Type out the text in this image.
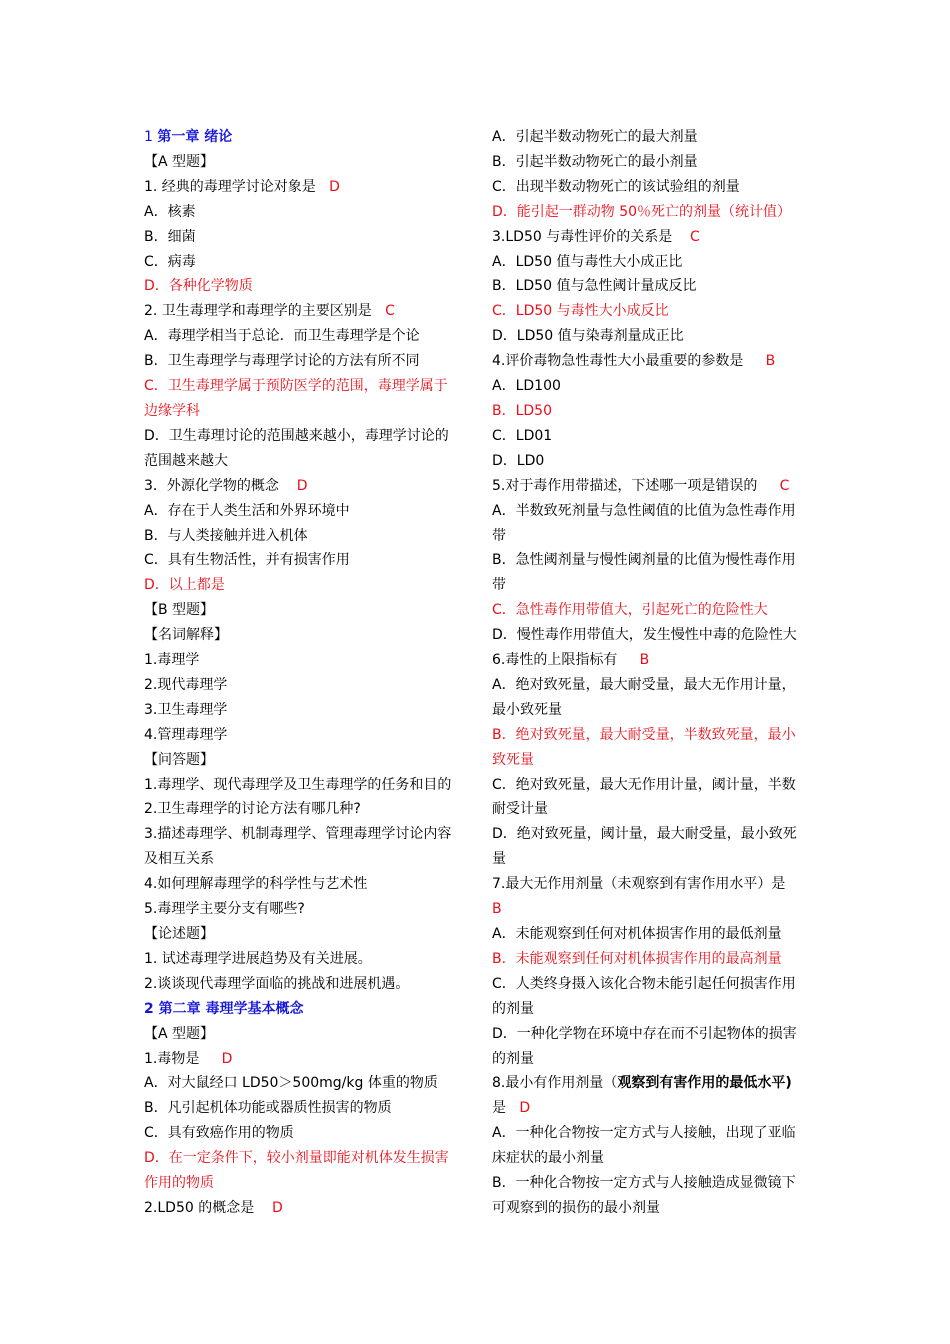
1 第一章 绪论
【A 型题】
1. 经典的毒理学讨论对象是   D
A．核素
B．细菌
C．病毒
D．各种化学物质
2. 卫生毒理学和毒理学的主要区别是   C
A．毒理学相当于总论．而卫生毒理学是个论
B．卫生毒理学与毒理学讨论的方法有所不同
C．卫生毒理学属于预防医学的范围，毒理学属于
边缘学科
D．卫生毒理讨论的范围越来越小，毒理学讨论的
范围越来越大
3．外源化学物的概念    D
A．存在于人类生活和外界环境中
B．与人类接触并进入机体
C．具有生物活性，并有损害作用
D．以上都是
【B 型题】
【名词解释】
1.毒理学
2.现代毒理学
3.卫生毒理学
4.管理毒理学
【问答题】
1.毒理学、现代毒理学及卫生毒理学的任务和目的
2.卫生毒理学的讨论方法有哪几种?
3.描述毒理学、机制毒理学、管理毒理学讨论内容
及相互关系
4.如何理解毒理学的科学性与艺术性
5.毒理学主要分支有哪些?
【论述题】
1. 试述毒理学进展趋势及有关进展。
2.谈谈现代毒理学面临的挑战和进展机遇。
2 第二章 毒理学基本概念
【A 型题】
1.毒物是     D
A．对大鼠经口 LD50＞500mg/kg 体重的物质
B．凡引起机体功能或器质性损害的物质
C．具有致癌作用的物质
D．在一定条件下，较小剂量即能对机体发生损害
作用的物质
2.LD50 的概念是    D
A．引起半数动物死亡的最大剂量
B．引起半数动物死亡的最小剂量
C．出现半数动物死亡的该试验组的剂量
D．能引起一群动物 50％死亡的剂量（统计值）
3.LD50 与毒性评价的关系是    C
A．LD50 值与毒性大小成正比
B．LD50 值与急性阈计量成反比
C．LD50 与毒性大小成反比
D．LD50 值与染毒剂量成正比
4.评价毒物急性毒性大小最重要的参数是     B
A．LD100
B．LD50
C．LD01
D．LD0
5.对于毒作用带描述，下述哪一项是错误的     C
A．半数致死剂量与急性阈值的比值为急性毒作用
带
B．急性阈剂量与慢性阈剂量的比值为慢性毒作用
带
C．急性毒作用带值大，引起死亡的危险性大
D．慢性毒作用带值大，发生慢性中毒的危险性大
6.毒性的上限指标有     B
A．绝对致死量，最大耐受量，最大无作用计量，
最小致死量
B．绝对致死量，最大耐受量，半数致死量，最小
致死量
C．绝对致死量，最大无作用计量，阈计量，半数
耐受计量
D．绝对致死量，阈计量，最大耐受量，最小致死
量
7.最大无作用剂量（未观察到有害作用水平）是
B
A．未能观察到任何对机体损害作用的最低剂量
B．未能观察到任何对机体损害作用的最高剂量
C．人类终身摄入该化合物未能引起任何损害作用
的剂量
D．一种化学物在环境中存在而不引起物体的损害
的剂量
8.最小有作用剂量（观察到有害作用的最低水平)
是   D
A．一种化合物按一定方式与人接触，出现了亚临
床症状的最小剂量
B．一种化合物按一定方式与人接触造成显微镜下
可观察到的损伤的最小剂量
